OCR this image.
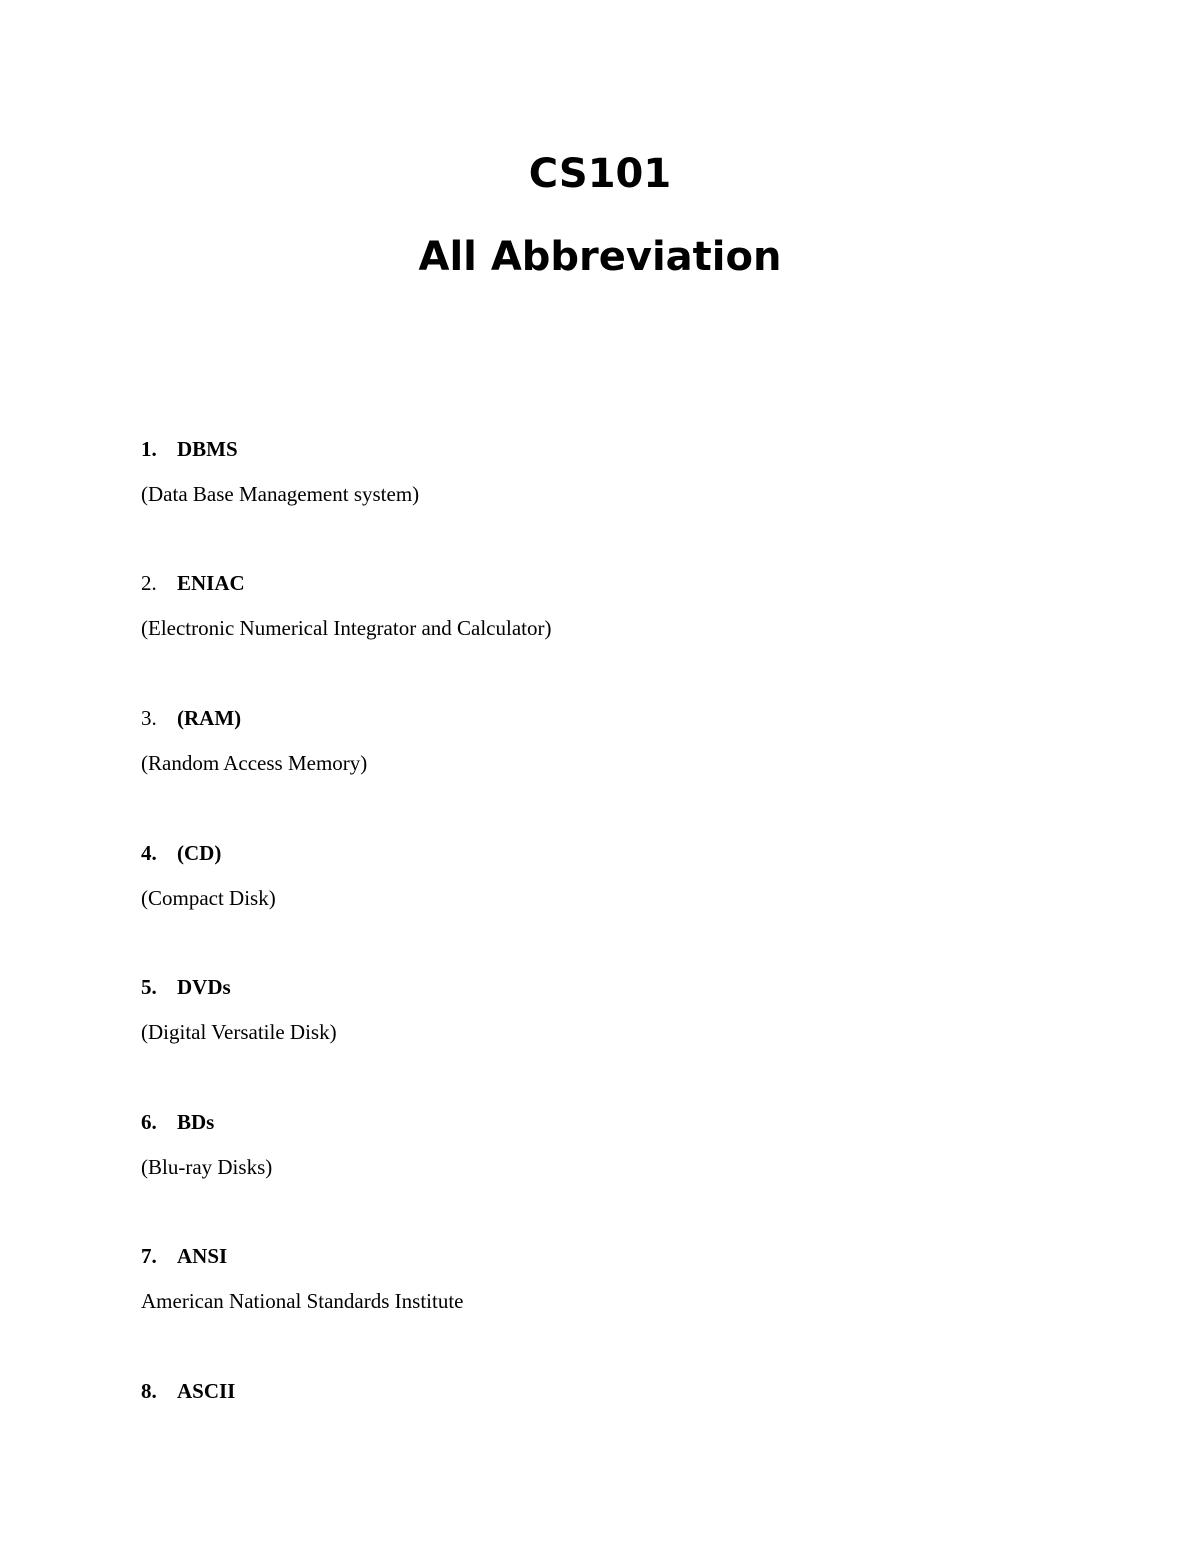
CS101
All Abbreviation
1. DBMS
(Data Base Management system)
2. ENIAC
(Electronic Numerical Integrator and Calculator)
3. (RAM)
(Random Access Memory)
4. (CD)
(Compact Disk)
5. DVDs
(Digital Versatile Disk)
6. BDs
(Blu-ray Disks)
7. ANSI
American National Standards Institute
8. ASCII
